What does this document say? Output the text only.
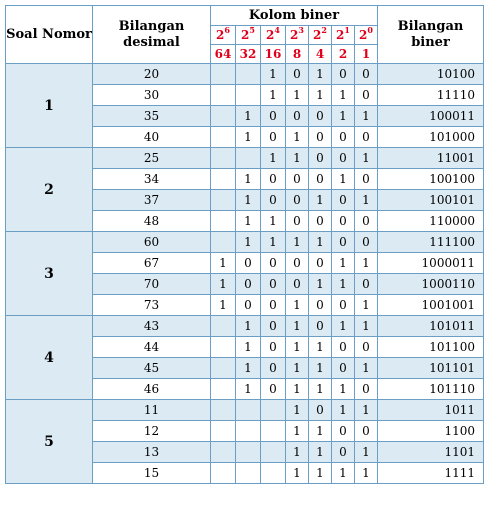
Soal Nomor	Bilangan desimal	Kolom biner							Bilangan biner
		$2^6$	$2^5$	$2^4$	$2^3$	$2^2$	$2^1$	$2^0$
		64	32	16	8	4	2	1	
1	20			1	0	1	0	0	10100
	30			1	1	1	1	0	11110
	35		1	0	0	0	1	1	100011
	40		1	0	1	0	0	0	101000
2	25			1	1	0	0	1	11001
	34		1	0	0	0	1	0	100100
	37		1	0	0	1	0	1	100101
	48		1	1	0	0	0	0	110000
3	60		1	1	1	1	0	0	111100
	67	1	0	0	0	0	1	1	1000011
	70	1	0	0	0	1	1	0	1000110
	73	1	0	0	1	0	0	1	1001001
4	43		1	0	1	0	1	1	101011
	44		1	0	1	1	0	0	101100
	45		1	0	1	1	0	1	101101
	46		1	0	1	1	1	0	101110
5	11				1	0	1	1	1011
	12				1	1	0	0	1100
	13				1	1	0	1	1101
	15				1	1	1	1	1111
